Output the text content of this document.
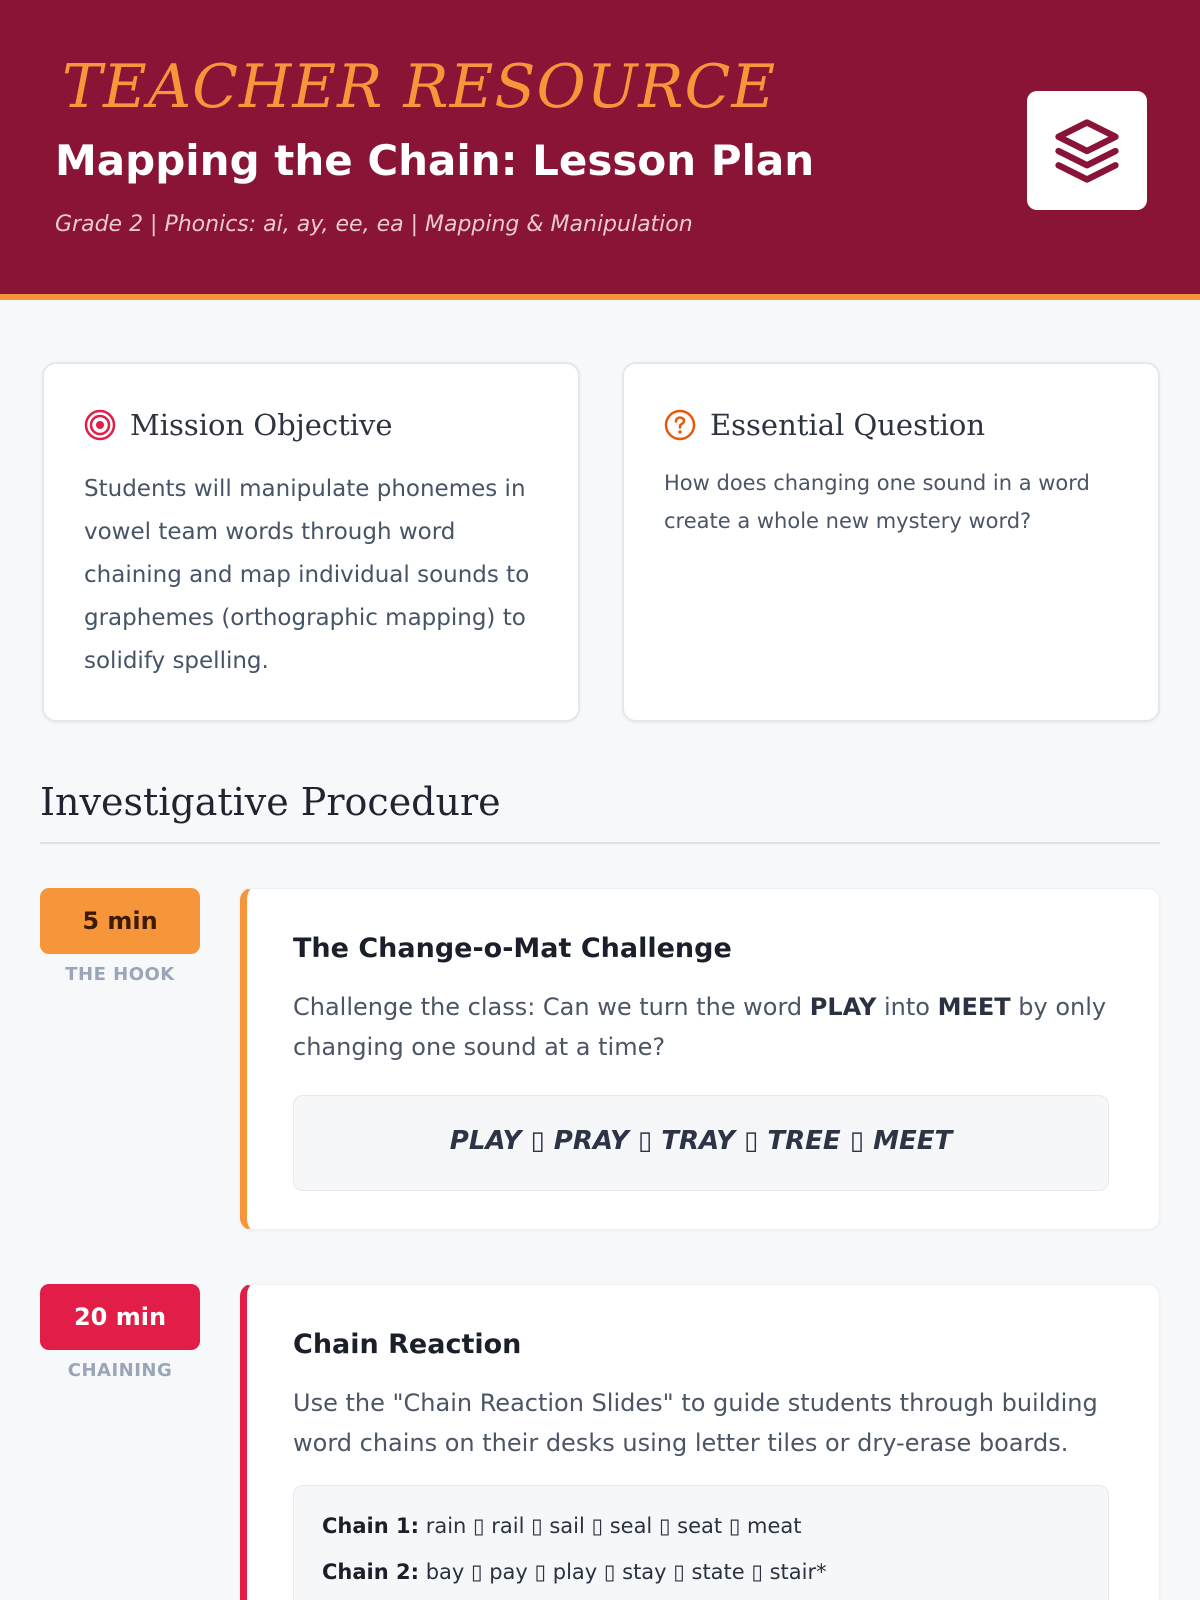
TEACHER RESOURCE
Mapping the Chain: Lesson Plan
Grade 2 | Phonics: ai, ay, ee, ea | Mapping & Manipulation
Mission Objective
Students will manipulate phonemes in vowel team words through word chaining and map individual sounds to graphemes (orthographic mapping) to solidify spelling.
Essential Question
How does changing one sound in a word create a whole new mystery word?
Investigative Procedure
5 min
THE HOOK
The Change-o-Mat Challenge
Challenge the class: Can we turn the word PLAY into MEET by only changing one sound at a time?
PLAY ▯ PRAY ▯ TRAY ▯ TREE ▯ MEET
20 min
CHAINING
Chain Reaction
Use the "Chain Reaction Slides" to guide students through building word chains on their desks using letter tiles or dry-erase boards.
Chain 1: rain ▯ rail ▯ sail ▯ seal ▯ seat ▯ meat
Chain 2: bay ▯ pay ▯ play ▯ stay ▯ state ▯ stair*
